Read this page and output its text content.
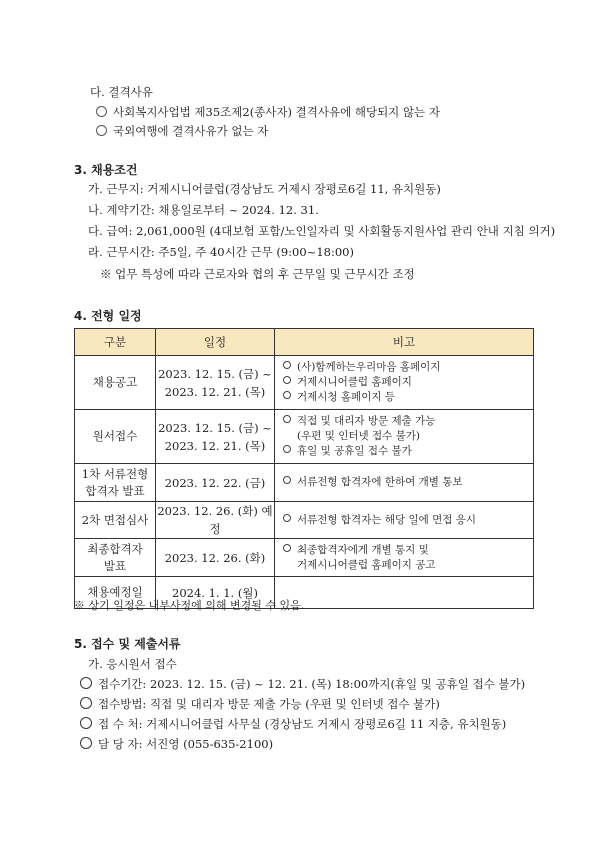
다. 결격사유
사회복지사업법 제35조제2(종사자) 결격사유에 해당되지 않는 자
국외여행에 결격사유가 없는 자
3. 채용조건
가. 근무지: 거제시니어클럽(경상남도 거제시 장평로6길 11, 유치원동)
나. 계약기간: 채용일로부터 ~ 2024. 12. 31.
다. 급여: 2,061,000원 (4대보험 포함/노인일자리 및 사회활동지원사업 관리 안내 지침 의거)
라. 근무시간: 주5일, 주 40시간 근무 (9:00~18:00)
※ 업무 특성에 따라 근로자와 협의 후 근무일 및 근무시간 조정
4. 전형 일정
구분	일정	비고
채용공고	2023. 12. 15. (금) ~
2023. 12. 21. (목)	(사)함께하는우리마음 홈페이지
거제시니어클럽 홈페이지
거제시청 홈페이지 등

원서접수	2023. 12. 15. (금) ~
2023. 12. 21. (목)	직접 및 대리자 방문 제출 가능
(우편 및 인터넷 접수 불가)
휴일 및 공휴일 접수 불가

1차 서류전형
합격자 발표	2023. 12. 22. (금)	서류전형 합격자에 한하여 개별 통보

2차 면접심사	2023. 12. 26. (화) 예정	서류전형 합격자는 해당 일에 면접 응시

최종합격자
발표	2023. 12. 26. (화)	최종합격자에게 개별 통지 및
거제시니어클럽 홈페이지 공고

채용예정일	2024. 1. 1. (월)	
※ 상기 일정은 내부사정에 의해 변경될 수 있음.
5. 접수 및 제출서류
가. 응시원서 접수
접수기간: 2023. 12. 15. (금) ~ 12. 21. (목) 18:00까지(휴일 및 공휴일 접수 불가)
접수방법: 직접 및 대리자 방문 제출 가능 (우편 및 인터넷 접수 불가)
접 수 처: 거제시니어클럽 사무실 (경상남도 거제시 장평로6길 11 지층, 유치원동)
담 당 자: 서진영 (055-635-2100)
